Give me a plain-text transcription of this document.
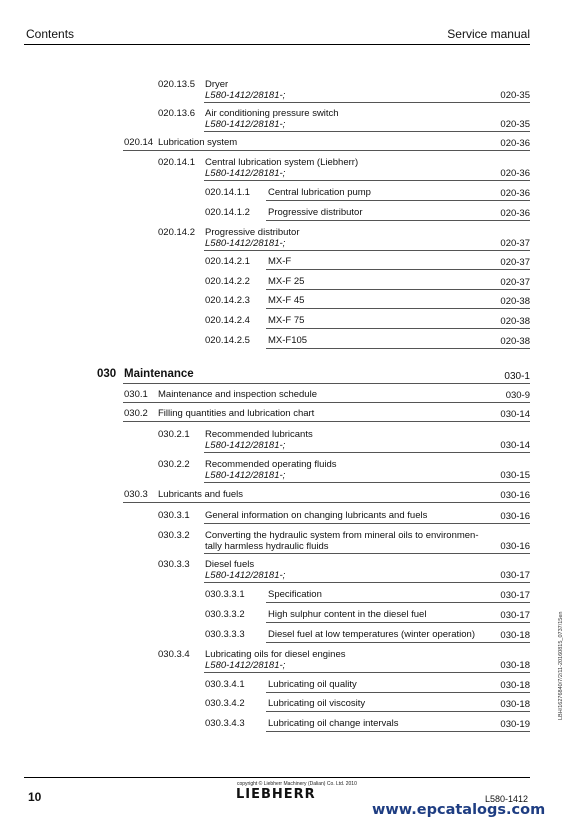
Contents	Service manual
020.13.5 Dryer
L580-1412/28181-;	020-35
020.13.6 Air conditioning pressure switch
L580-1412/28181-;	020-35
020.14 Lubrication system	020-36
020.14.1 Central lubrication system (Liebherr)
L580-1412/28181-;	020-36
020.14.1.1 Central lubrication pump	020-36
020.14.1.2 Progressive distributor	020-36
020.14.2 Progressive distributor
L580-1412/28181-;	020-37
020.14.2.1 MX-F	020-37
020.14.2.2 MX-F 25	020-37
020.14.2.3 MX-F 45	020-38
020.14.2.4 MX-F 75	020-38
020.14.2.5 MX-F105	020-38
030 Maintenance	030-1
030.1 Maintenance and inspection schedule	030-9
030.2 Filling quantities and lubrication chart	030-14
030.2.1 Recommended lubricants
L580-1412/28181-;	030-14
030.2.2 Recommended operating fluids
L580-1412/28181-;	030-15
030.3 Lubricants and fuels	030-16
030.3.1 General information on changing lubricants and fuels	030-16
030.3.2 Converting the hydraulic system from mineral oils to environmen-
tally harmless hydraulic fluids	030-16
030.3.3 Diesel fuels
L580-1412/28181-;	030-17
030.3.3.1 Specification	030-17
030.3.3.2 High sulphur content in the diesel fuel	030-17
030.3.3.3 Diesel fuel at low temperatures (winter operation)	030-18
030.3.4 Lubricating oils for diesel engines
L580-1412/28181-;	030-18
030.3.4.1 Lubricating oil quality	030-18
030.3.4.2 Lubricating oil viscosity	030-18
030.3.4.3 Lubricating oil change intervals	030-19
LBH/16276840/7/2/11-20160815_0737/15en
10
copyright © Liebherr Machinery (Dalian) Co. Ltd. 2010
LIEBHERR	L580-1412
www.epcatalogs.com
